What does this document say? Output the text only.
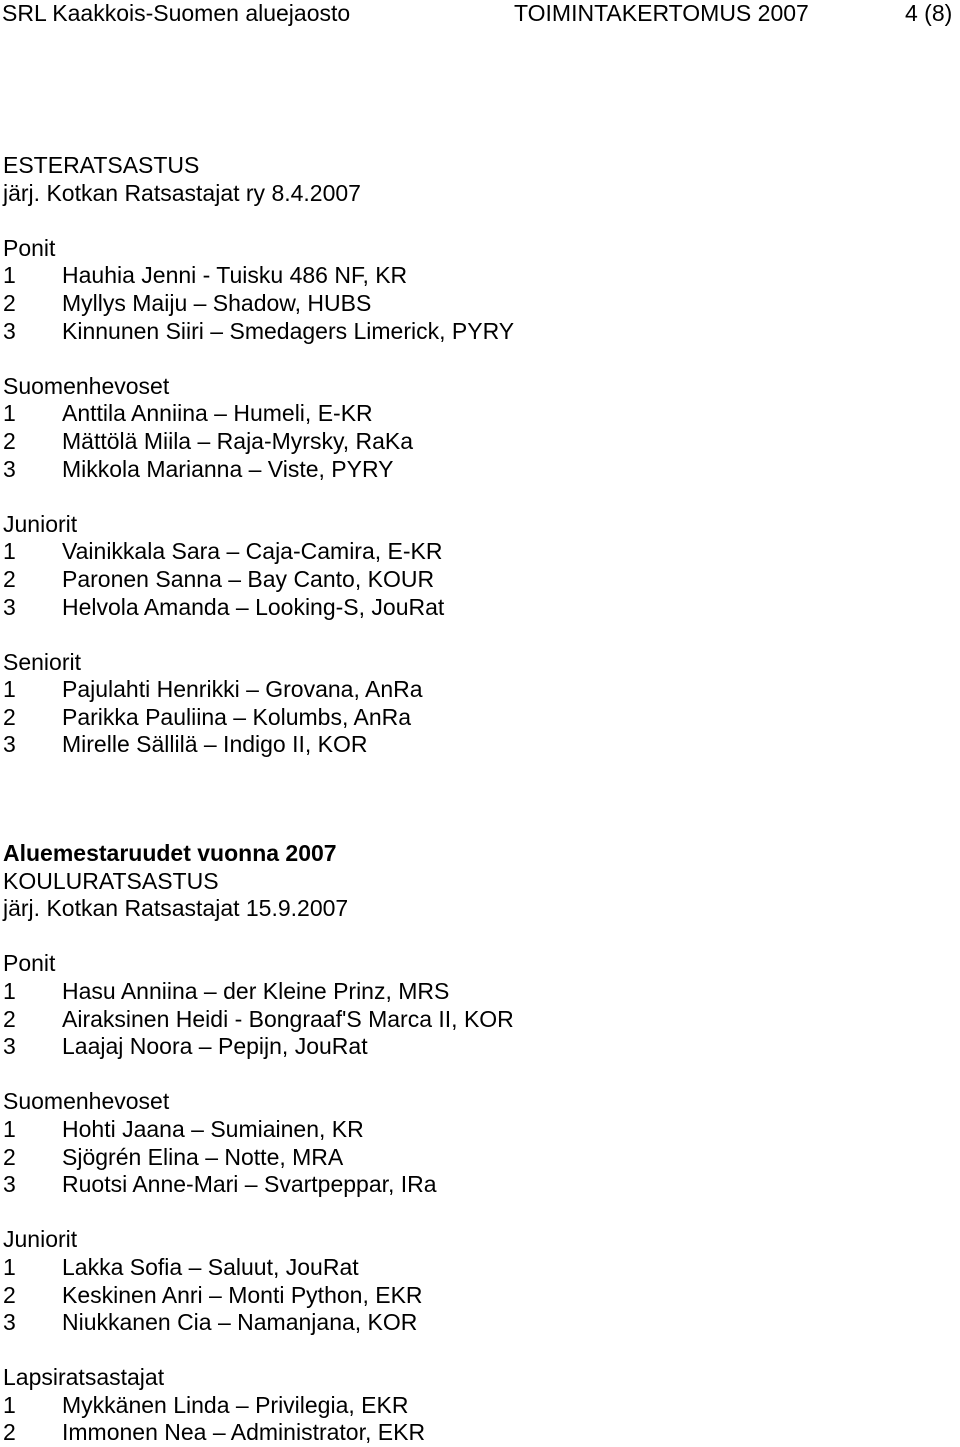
SRL Kaakkois-Suomen aluejaosto	TOIMINTAKERTOMUS 2007	4 (8)
ESTERATSASTUS
järj. Kotkan Ratsastajat ry 8.4.2007
Ponit
1 Hauhia Jenni - Tuisku 486 NF, KR
2 Myllys Maiju – Shadow, HUBS
3 Kinnunen Siiri – Smedagers Limerick, PYRY
Suomenhevoset
1 Anttila Anniina – Humeli, E-KR
2 Mättölä Miila – Raja-Myrsky, RaKa
3 Mikkola Marianna – Viste, PYRY
Juniorit
1 Vainikkala Sara – Caja-Camira, E-KR
2 Paronen Sanna – Bay Canto, KOUR
3 Helvola Amanda – Looking-S, JouRat
Seniorit
1 Pajulahti Henrikki – Grovana, AnRa
2 Parikka Pauliina – Kolumbs, AnRa
3 Mirelle Sällilä – Indigo II, KOR
Aluemestaruudet vuonna 2007
KOULURATSASTUS
järj. Kotkan Ratsastajat 15.9.2007
Ponit
1 Hasu Anniina – der Kleine Prinz, MRS
2 Airaksinen Heidi - Bongraaf'S Marca II, KOR
3 Laajaj Noora – Pepijn, JouRat
Suomenhevoset
1 Hohti Jaana – Sumiainen, KR
2 Sjögrén Elina – Notte, MRA
3 Ruotsi Anne-Mari – Svartpeppar, IRa
Juniorit
1 Lakka Sofia – Saluut, JouRat
2 Keskinen Anri – Monti Python, EKR
3 Niukkanen Cia – Namanjana, KOR
Lapsiratsastajat
1 Mykkänen Linda – Privilegia, EKR
2 Immonen Nea – Administrator, EKR
